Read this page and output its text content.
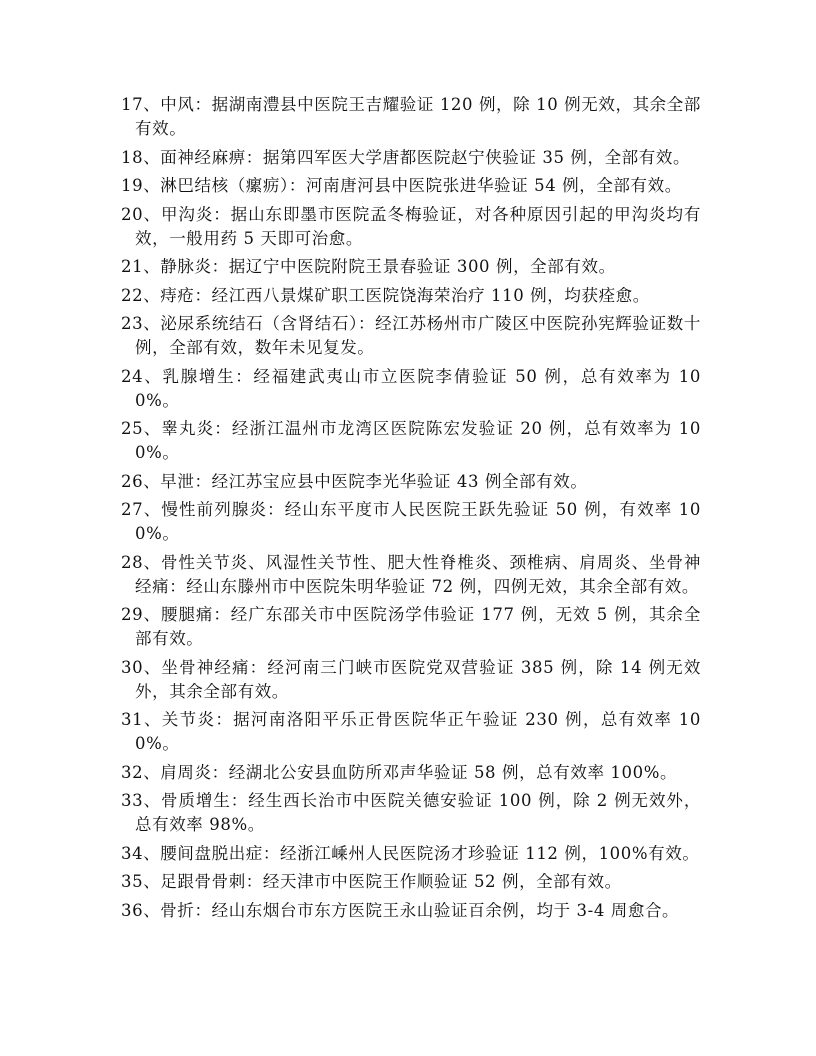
17、中风：据湖南澧县中医院王吉耀验证 120 例，除 10 例无效，其余全部有效。

18、面神经麻痹：据第四军医大学唐都医院赵宁侠验证 35 例，全部有效。

19、淋巴结核（瘰疬）：河南唐河县中医院张进华验证 54 例，全部有效。

20、甲沟炎：据山东即墨市医院孟冬梅验证，对各种原因引起的甲沟炎均有效，一般用药 5 天即可治愈。

21、静脉炎：据辽宁中医院附院王景春验证 300 例，全部有效。

22、痔疮：经江西八景煤矿职工医院饶海荣治疗 110 例，均获痊愈。

23、泌尿系统结石（含肾结石）：经江苏杨州市广陵区中医院孙宪辉验证数十例，全部有效，数年未见复发。

24、乳腺增生：经福建武夷山市立医院李倩验证 50 例，总有效率为 100%。

25、睾丸炎：经浙江温州市龙湾区医院陈宏发验证 20 例，总有效率为 100%。

26、早泄：经江苏宝应县中医院李光华验证 43 例全部有效。

27、慢性前列腺炎：经山东平度市人民医院王跃先验证 50 例，有效率 100%。

28、骨性关节炎、风湿性关节性、肥大性脊椎炎、颈椎病、肩周炎、坐骨神经痛：经山东滕州市中医院朱明华验证 72 例，四例无效，其余全部有效。

29、腰腿痛：经广东邵关市中医院汤学伟验证 177 例，无效 5 例，其余全部有效。

30、坐骨神经痛：经河南三门峡市医院党双营验证 385 例，除 14 例无效外，其余全部有效。

31、关节炎：据河南洛阳平乐正骨医院华正午验证 230 例，总有效率 100%。

32、肩周炎：经湖北公安县血防所邓声华验证 58 例，总有效率 100%。

33、骨质增生：经生西长治市中医院关德安验证 100 例，除 2 例无效外，总有效率 98%。

34、腰间盘脱出症：经浙江嵊州人民医院汤才珍验证 112 例，100%有效。

35、足跟骨骨刺：经天津市中医院王作顺验证 52 例，全部有效。

36、骨折：经山东烟台市东方医院王永山验证百余例，均于 3-4 周愈合。
